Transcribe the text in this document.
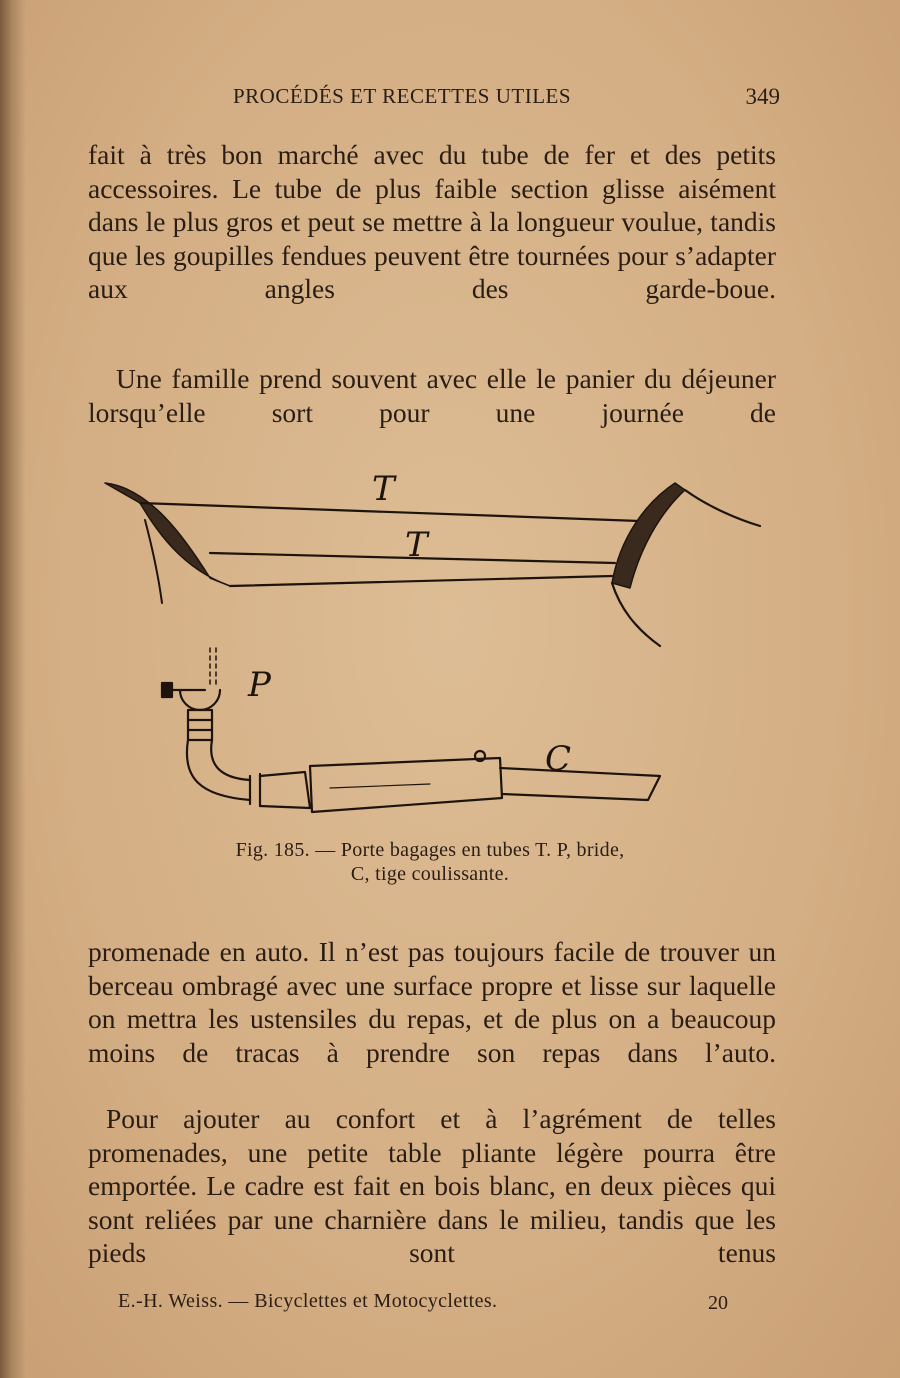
PROCÉDÉS ET RECETTES UTILES	349

fait à très bon marché avec du tube de fer et des petits accessoires. Le tube de plus faible section glisse aisément dans le plus gros et peut se mettre à la longueur voulue, tandis que les goupilles fendues peuvent être tournées pour s’adapter aux angles des garde-boue.

Une famille prend souvent avec elle le panier du déjeuner lorsqu’elle sort pour une journée de

T
T
P
C
Fig. 185. — Porte bagages en tubes T. P, bride,
C, tige coulissante.

promenade en auto. Il n’est pas toujours facile de trouver un berceau ombragé avec une surface propre et lisse sur laquelle on mettra les ustensiles du repas, et de plus on a beaucoup moins de tracas à prendre son repas dans l’auto.

Pour ajouter au confort et à l’agrément de telles promenades, une petite table pliante légère pourra être emportée. Le cadre est fait en bois blanc, en deux pièces qui sont reliées par une charnière dans le milieu, tandis que les pieds sont tenus

E.-H. Weiss. — Bicyclettes et Motocyclettes.	20
